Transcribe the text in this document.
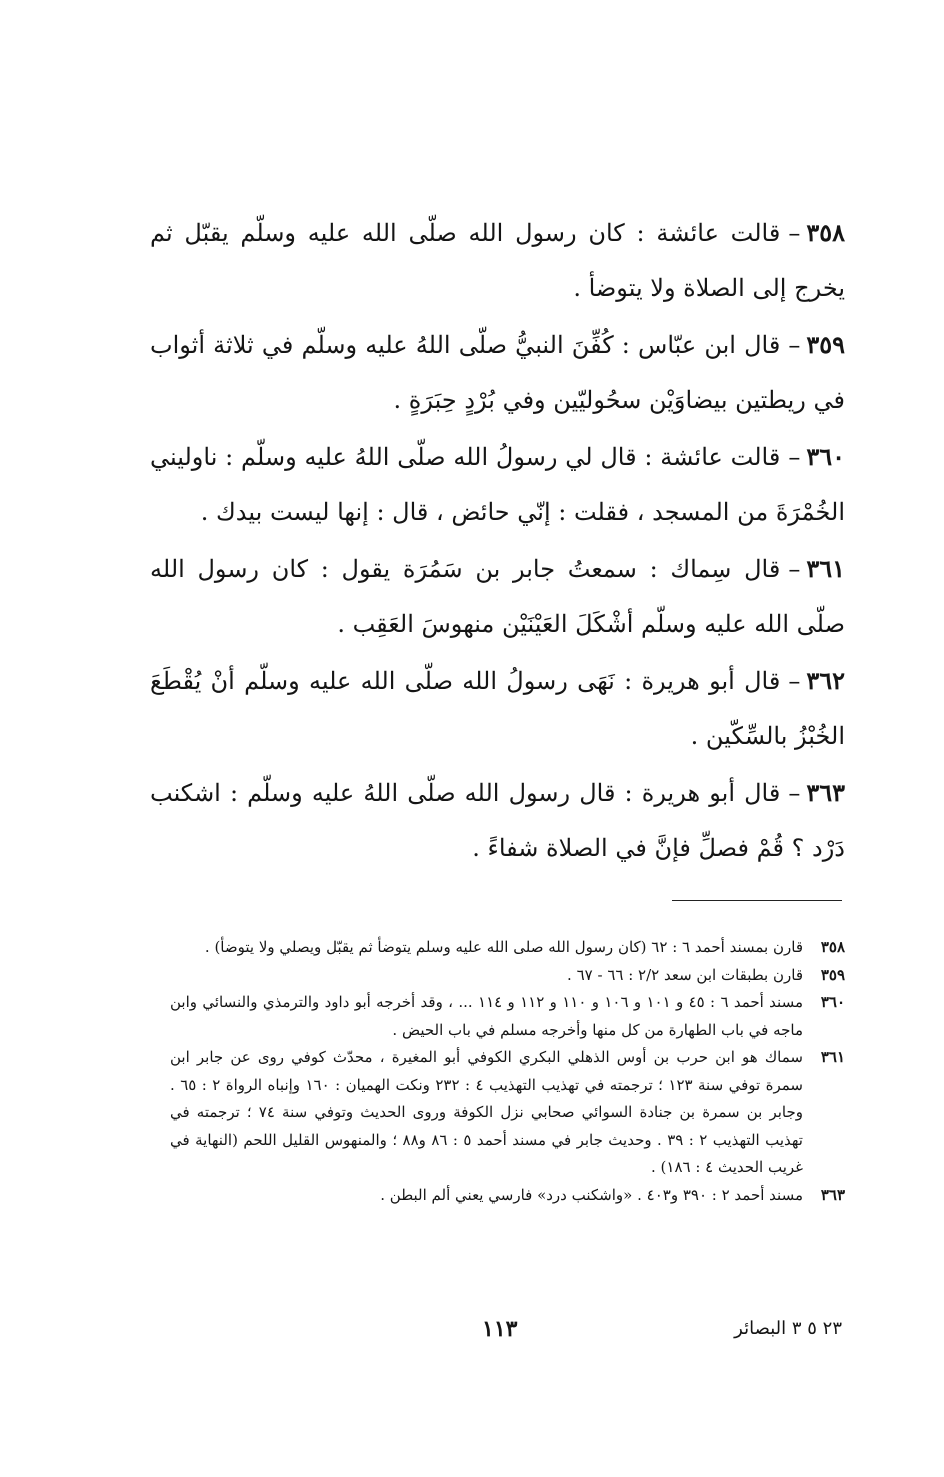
٣٥٨–قالت عائشة : كان رسول الله صلّى الله عليه وسلّم يقبّل ثم يخرج إلى الصلاة ولا يتوضأ .

٣٥٩–قال ابن عبّاس : كُفِّنَ النبيُّ صلّى اللهُ عليه وسلّم في ثلاثة أثواب في ريطتين بيضاوَيْن سحُوليّين وفي بُرْدٍ حِبَرَةٍ .

٣٦٠–قالت عائشة : قال لي رسولُ الله صلّى اللهُ عليه وسلّم : ناوليني الخُمْرَةَ من المسجد ، فقلت : إنّي حائض ، قال : إنها ليست بيدك .

٣٦١–قال سِماك : سمعتُ جابر بن سَمُرَة يقول : كان رسول الله صلّى الله عليه وسلّم أشْكَلَ العَيْنَيْن منهوسَ العَقِب .

٣٦٢–قال أبو هريرة : نَهَى رسولُ الله صلّى الله عليه وسلّم أنْ يُقْطَعَ الخُبْزُ بالسِّكّين .

٣٦٣–قال أبو هريرة : قال رسول الله صلّى اللهُ عليه وسلّم : اشكنب دَرْد ؟ قُمْ فصلِّ فإنَّ في الصلاة شفاءً .

٣٥٨
قارن بمسند أحمد ٦ : ٦٢ (كان رسول الله صلى الله عليه وسلم يتوضأ ثم يقبّل ويصلي ولا يتوضأ) .
٣٥٩
قارن بطبقات ابن سعد ٢/٢ : ٦٦ - ٦٧ .
٣٦٠
مسند أحمد ٦ : ٤٥ و ١٠١ و ١٠٦ و ١١٠ و ١١٢ و ١١٤ ... ، وقد أخرجه أبو داود والترمذي والنسائي وابن ماجه في باب الطهارة من كل منها وأخرجه مسلم في باب الحيض .
٣٦١
سماك هو ابن حرب بن أوس الذهلي البكري الكوفي أبو المغيرة ، محدّث كوفي روى عن جابر ابن سمرة توفي سنة ١٢٣ ؛ ترجمته في تهذيب التهذيب ٤ : ٢٣٢ ونكت الهميان : ١٦٠ وإنباه الرواة ٢ : ٦٥ . وجابر بن سمرة بن جنادة السوائي صحابي نزل الكوفة وروى الحديث وتوفي سنة ٧٤ ؛ ترجمته في تهذيب التهذيب ٢ : ٣٩ . وحديث جابر في مسند أحمد ٥ : ٨٦ و٨٨ ؛ والمنهوس القليل اللحم (النهاية في غريب الحديث ٤ : ١٨٦) .
٣٦٣
مسند أحمد ٢ : ٣٩٠ و٤٠٣ . «واشكنب درد» فارسي يعني ألم البطن .
١١٣	٢٣ ٥ ٣ البصائر
